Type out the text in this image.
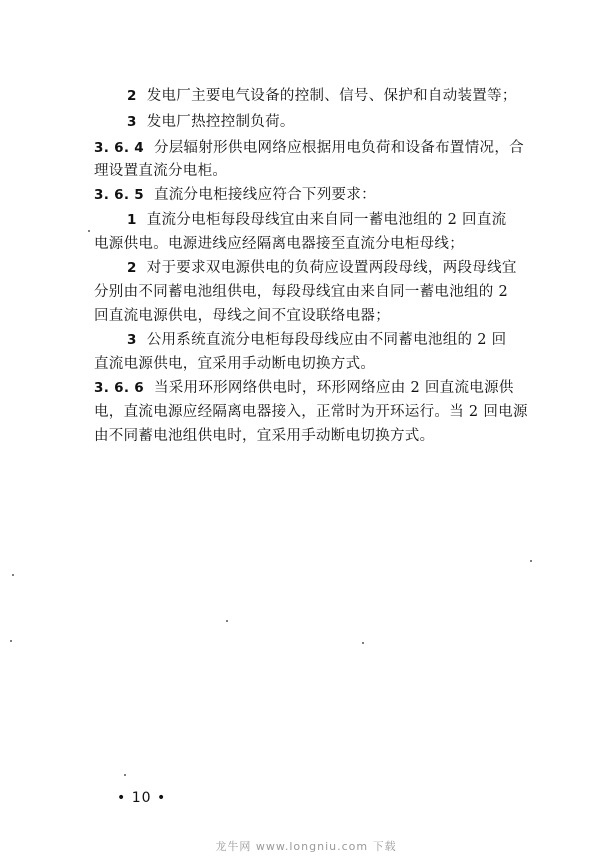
2 发电厂主要电气设备的控制、信号、保护和自动装置等；
3 发电厂热控控制负荷。
3. 6. 4 分层辐射形供电网络应根据用电负荷和设备布置情况，合
理设置直流分电柜。
3. 6. 5 直流分电柜接线应符合下列要求：
1 直流分电柜每段母线宜由来自同一蓄电池组的 2 回直流
电源供电。电源进线应经隔离电器接至直流分电柜母线；
2 对于要求双电源供电的负荷应设置两段母线，两段母线宜
分别由不同蓄电池组供电，每段母线宜由来自同一蓄电池组的 2
回直流电源供电，母线之间不宜设联络电器；
3 公用系统直流分电柜每段母线应由不同蓄电池组的 2 回
直流电源供电，宜采用手动断电切换方式。
3. 6. 6 当采用环形网络供电时，环形网络应由 2 回直流电源供
电，直流电源应经隔离电器接入，正常时为开环运行。当 2 回电源
由不同蓄电池组供电时，宜采用手动断电切换方式。
• 10 •
龙牛网 www.longniu.com 下载
